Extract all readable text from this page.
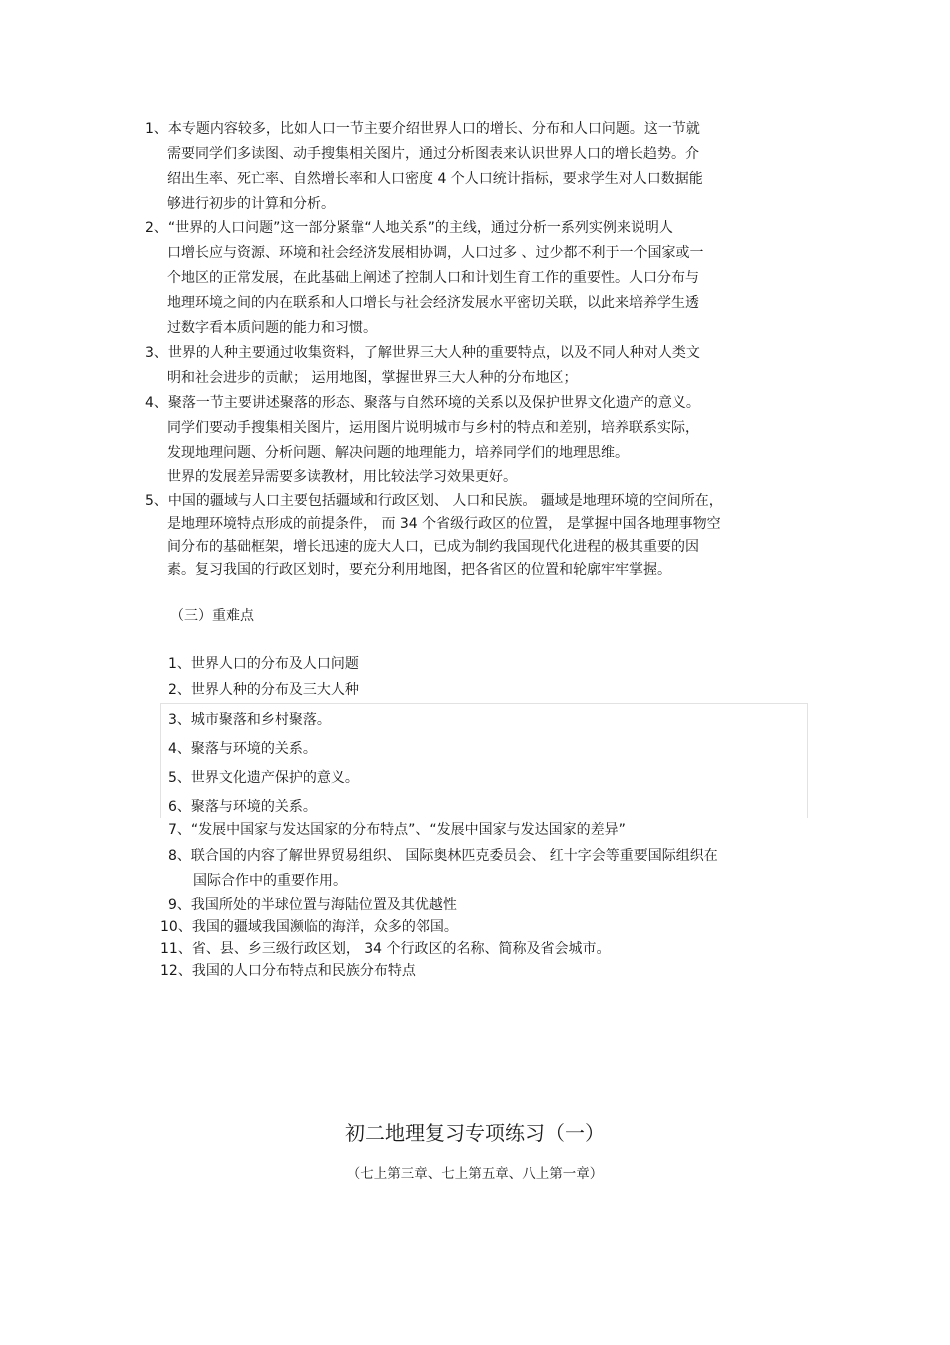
1、本专题内容较多，比如人口一节主要介绍世界人口的增长、分布和人口问题。这一节就
需要同学们多读图、动手搜集相关图片，通过分析图表来认识世界人口的增长趋势。介
绍出生率、死亡率、自然增长率和人口密度 4 个人口统计指标，要求学生对人口数据能
够进行初步的计算和分析。
2、“世界的人口问题”这一部分紧靠“人地关系”的主线，通过分析一系列实例来说明人
口增长应与资源、环境和社会经济发展相协调，人口过多 、过少都不利于一个国家或一
个地区的正常发展，在此基础上阐述了控制人口和计划生育工作的重要性。人口分布与
地理环境之间的内在联系和人口增长与社会经济发展水平密切关联，以此来培养学生透
过数字看本质问题的能力和习惯。
3、世界的人种主要通过收集资料，了解世界三大人种的重要特点，以及不同人种对人类文
明和社会进步的贡献； 运用地图，掌握世界三大人种的分布地区；
4、聚落一节主要讲述聚落的形态、聚落与自然环境的关系以及保护世界文化遗产的意义。
同学们要动手搜集相关图片，运用图片说明城市与乡村的特点和差别，培养联系实际，
发现地理问题、分析问题、解决问题的地理能力，培养同学们的地理思维。
世界的发展差异需要多读教材，用比较法学习效果更好。
5、中国的疆域与人口主要包括疆域和行政区划、 人口和民族。 疆域是地理环境的空间所在，
是地理环境特点形成的前提条件， 而 34 个省级行政区的位置， 是掌握中国各地理事物空
间分布的基础框架，增长迅速的庞大人口，已成为制约我国现代化进程的极其重要的因
素。复习我国的行政区划时，要充分利用地图，把各省区的位置和轮廓牢牢掌握。
（三）重难点
1、世界人口的分布及人口问题
2、世界人种的分布及三大人种
3、城市聚落和乡村聚落。
4、聚落与环境的关系。
5、世界文化遗产保护的意义。
6、聚落与环境的关系。
7、“发展中国家与发达国家的分布特点”、“发展中国家与发达国家的差异”
8、联合国的内容了解世界贸易组织、 国际奥林匹克委员会、 红十字会等重要国际组织在
国际合作中的重要作用。
9、我国所处的半球位置与海陆位置及其优越性
10、我国的疆域我国濒临的海洋，众多的邻国。
11、省、县、乡三级行政区划， 34 个行政区的名称、简称及省会城市。
12、我国的人口分布特点和民族分布特点
初二地理复习专项练习（一）
（七上第三章、七上第五章、八上第一章）
